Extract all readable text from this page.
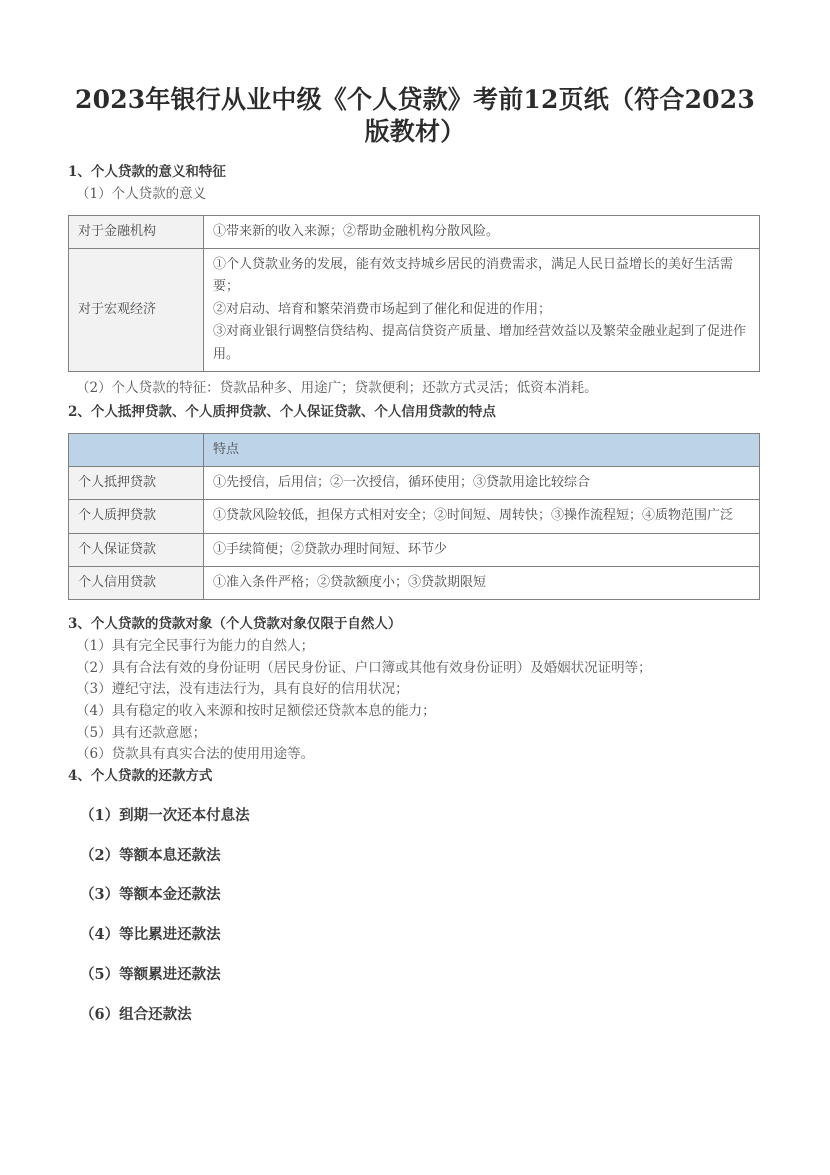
2023年银行从业中级《个人贷款》考前12页纸（符合2023版教材）

1、个人贷款的意义和特征

（1）个人贷款的意义

对于金融机构	①带来新的收入来源；②帮助金融机构分散风险。

对于宏观经济	①个人贷款业务的发展，能有效支持城乡居民的消费需求，满足人民日益增长的美好生活需要；

②对启动、培育和繁荣消费市场起到了催化和促进的作用；

③对商业银行调整信贷结构、提高信贷资产质量、增加经营效益以及繁荣金融业起到了促进作用。

（2）个人贷款的特征：贷款品种多、用途广；贷款便利；还款方式灵活；低资本消耗。

2、个人抵押贷款、个人质押贷款、个人保证贷款、个人信用贷款的特点

	特点
个人抵押贷款	①先授信，后用信；②一次授信，循环使用；③贷款用途比较综合
个人质押贷款	①贷款风险较低，担保方式相对安全；②时间短、周转快；③操作流程短；④质物范围广泛
个人保证贷款	①手续简便；②贷款办理时间短、环节少
个人信用贷款	①准入条件严格；②贷款额度小；③贷款期限短

3、个人贷款的贷款对象（个人贷款对象仅限于自然人）

（1）具有完全民事行为能力的自然人；

（2）具有合法有效的身份证明（居民身份证、户口簿或其他有效身份证明）及婚姻状况证明等；

（3）遵纪守法，没有违法行为，具有良好的信用状况；

（4）具有稳定的收入来源和按时足额偿还贷款本息的能力；

（5）具有还款意愿；

（6）贷款具有真实合法的使用用途等。

4、个人贷款的还款方式

（1）到期一次还本付息法
（2）等额本息还款法
（3）等额本金还款法
（4）等比累进还款法
（5）等额累进还款法
（6）组合还款法
